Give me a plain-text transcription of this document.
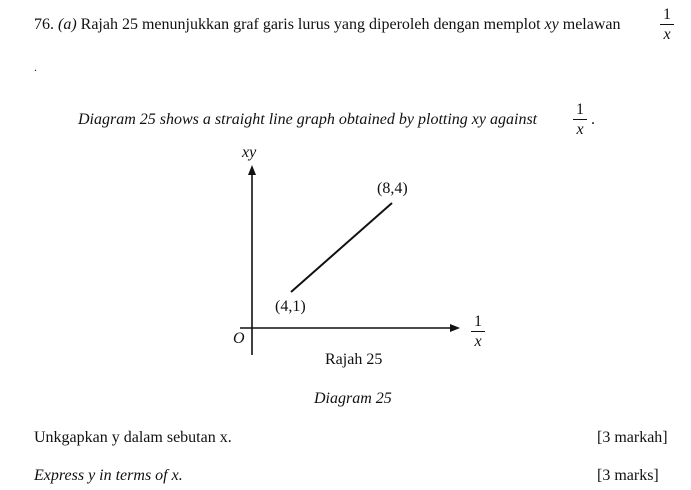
76. (a) Rajah 25 menunjukkan graf garis lurus yang diperoleh dengan memplot xy melawan
1
x
.
Diagram 25 shows a straight line graph obtained by plotting xy against
1
x
.
xy
(8,4)
(4,1)
O
1
x
Rajah 25
Diagram 25
Unkgapkan y dalam sebutan x.	[3 markah]
Express y in terms of x.	[3 marks]
